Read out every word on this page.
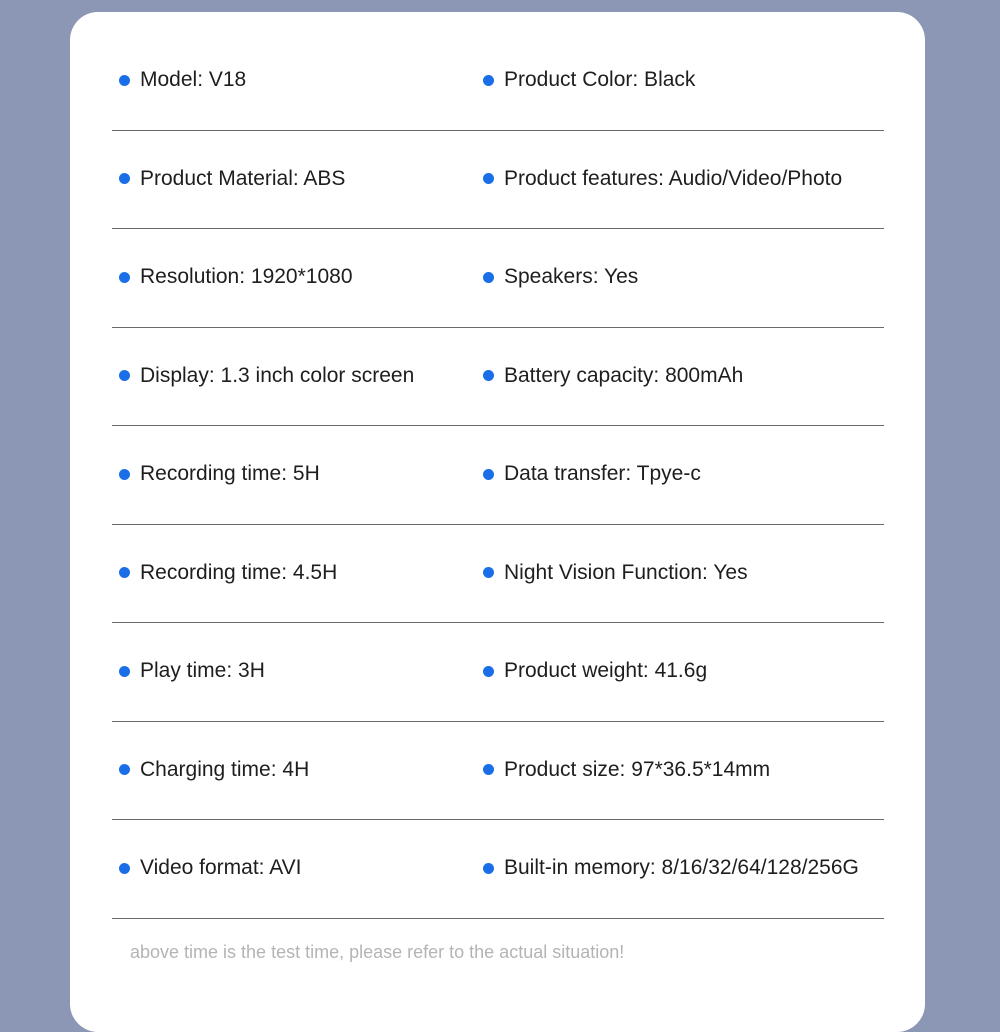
Model: V18	Product Color: Black
Product Material: ABS	Product features: Audio/Video/Photo
Resolution: 1920*1080	Speakers: Yes
Display: 1.3 inch color screen	Battery capacity: 800mAh
Recording time: 5H	Data transfer: Tpye-c
Recording time: 4.5H	Night Vision Function: Yes
Play time: 3H	Product weight: 41.6g
Charging time: 4H	Product size: 97*36.5*14mm
Video format: AVI	Built-in memory: 8/16/32/64/128/256G
above time is the test time, please refer to the actual situation!
